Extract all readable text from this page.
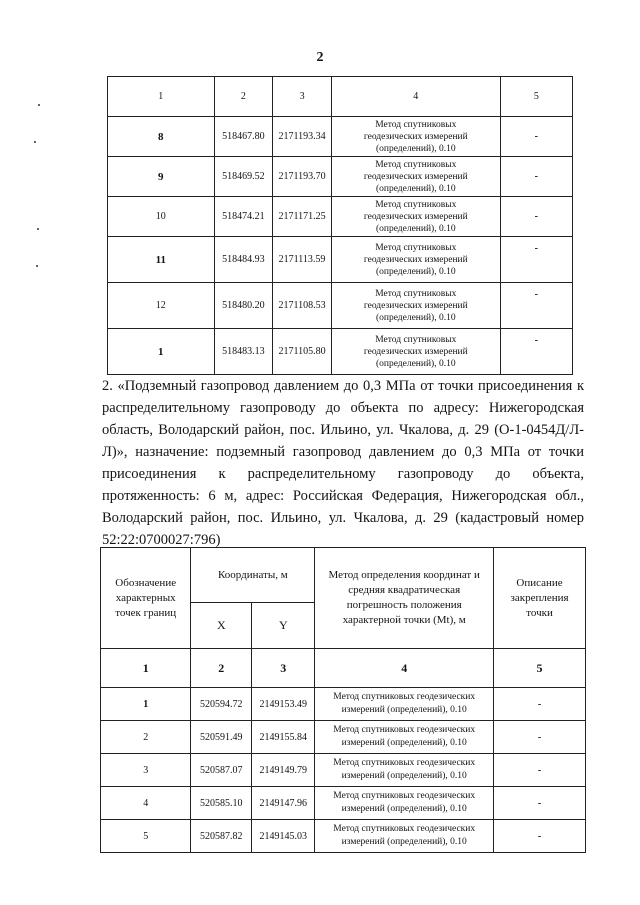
2
1	2	3	4	5
8	518467.80	2171193.34	Метод спутниковых геодезических измерений (определений), 0.10	-
9	518469.52	2171193.70	Метод спутниковых геодезических измерений (определений), 0.10	-
10	518474.21	2171171.25	Метод спутниковых геодезических измерений (определений), 0.10	-
11	518484.93	2171113.59	Метод спутниковых геодезических измерений (определений), 0.10	-
12	518480.20	2171108.53	Метод спутниковых геодезических измерений (определений), 0.10	-
1	518483.13	2171105.80	Метод спутниковых геодезических измерений (определений), 0.10	-

2. «Подземный газопровод давлением до 0,3 МПа от точки присоединения к распределительному газопроводу до объекта по адресу: Нижегородская область, Володарский район, пос. Ильино, ул. Чкалова, д. 29 (О-1-0454Д/Л-Л)», назначение: подземный газопровод давлением до 0,3 МПа от точки присоединения к распределительному газопроводу до объекта, протяженность: 6 м, адрес: Российская Федерация, Нижегородская обл., Володарский район, пос. Ильино, ул. Чкалова, д. 29 (кадастровый номер 52:22:0700027:796)

Обозначение характерных точек границ	Координаты, м		Метод определения координат и средняя квадратическая погрешность положения характерной точки (Mt), м	Описание закрепления точки
	X	Y		
1	2	3	4	5
1	520594.72	2149153.49	Метод спутниковых геодезических измерений (определений), 0.10	-
2	520591.49	2149155.84	Метод спутниковых геодезических измерений (определений), 0.10	-
3	520587.07	2149149.79	Метод спутниковых геодезических измерений (определений), 0.10	-
4	520585.10	2149147.96	Метод спутниковых геодезических измерений (определений), 0.10	-
5	520587.82	2149145.03	Метод спутниковых геодезических измерений (определений), 0.10	-
